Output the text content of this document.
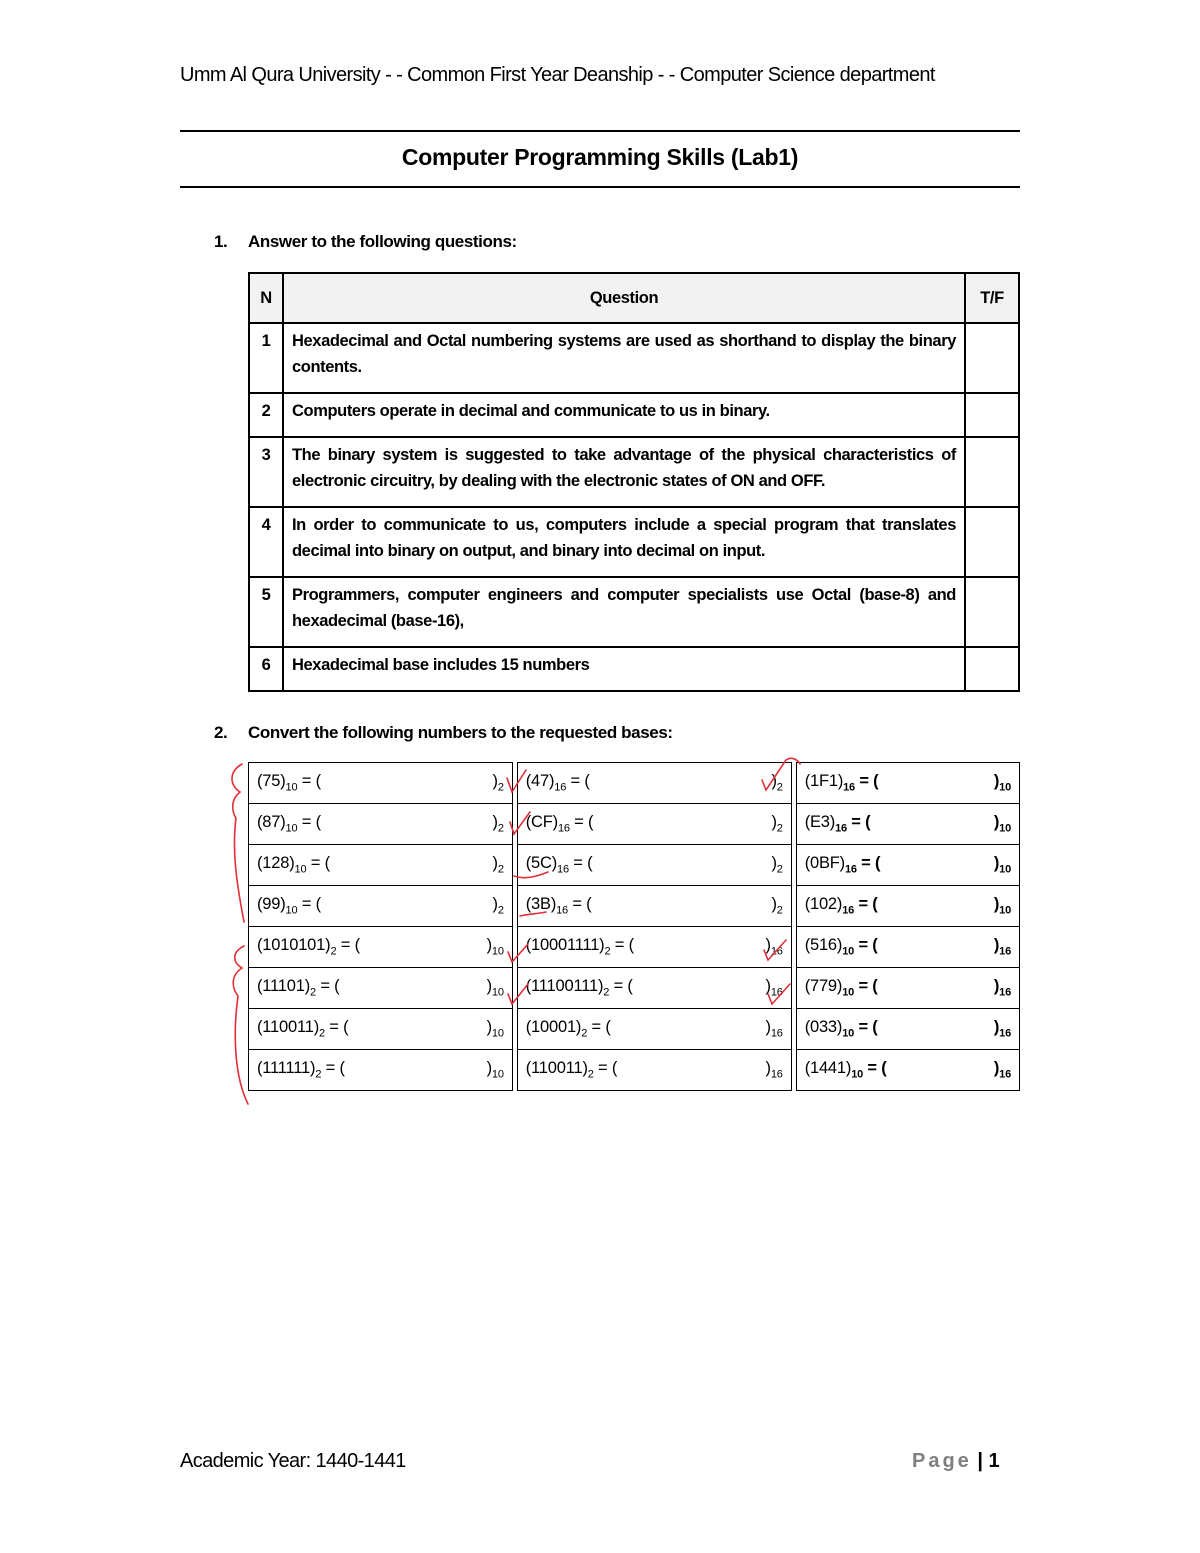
Umm Al Qura University - - Common First Year Deanship - - Computer Science department
Computer Programming Skills (Lab1)
1. Answer to the following questions:
N	Question	T/F
1	Hexadecimal and Octal numbering systems are used as shorthand to display the binary contents.	
2	Computers operate in decimal and communicate to us in binary.	
3	The binary system is suggested to take advantage of the physical characteristics of electronic circuitry, by dealing with the electronic states of ON and OFF.	
4	In order to communicate to us, computers include a special program that translates decimal into binary on output, and binary into decimal on input.	
5	Programmers, computer engineers and computer specialists use Octal (base-8) and hexadecimal (base-16),	
6	Hexadecimal base includes 15 numbers	
2. Convert the following numbers to the requested bases:
$(75)_{10}$ = ( )$_2$		$(47)_{16}$ = ( )$_2$		$(1F1)_{16}$ = ( )$_{10}$

$(87)_{10}$ = ( )$_2$		$(CF)_{16}$ = ( )$_2$		$(E3)_{16}$ = ( )$_{10}$

$(128)_{10}$ = ( )$_2$		$(5C)_{16}$ = ( )$_2$		$(0BF)_{16}$ = ( )$_{10}$

$(99)_{10}$ = ( )$_2$		$(3B)_{16}$ = ( )$_2$		$(102)_{16}$ = ( )$_{10}$

$(1010101)_2$ = ( )$_{10}$		$(10001111)_2$ = ( )$_{16}$		$(516)_{10}$ = ( )$_{16}$

$(11101)_2$ = ( )$_{10}$		$(11100111)_2$ = ( )$_{16}$		$(779)_{10}$ = ( )$_{16}$

$(110011)_2$ = ( )$_{10}$		$(10001)_2$ = ( )$_{16}$		$(033)_{10}$ = ( )$_{16}$

$(111111)_2$ = ( )$_{10}$		$(110011)_2$ = ( )$_{16}$		$(1441)_{10}$ = ( )$_{16}$
Academic Year: 1440-1441	Page | 1
